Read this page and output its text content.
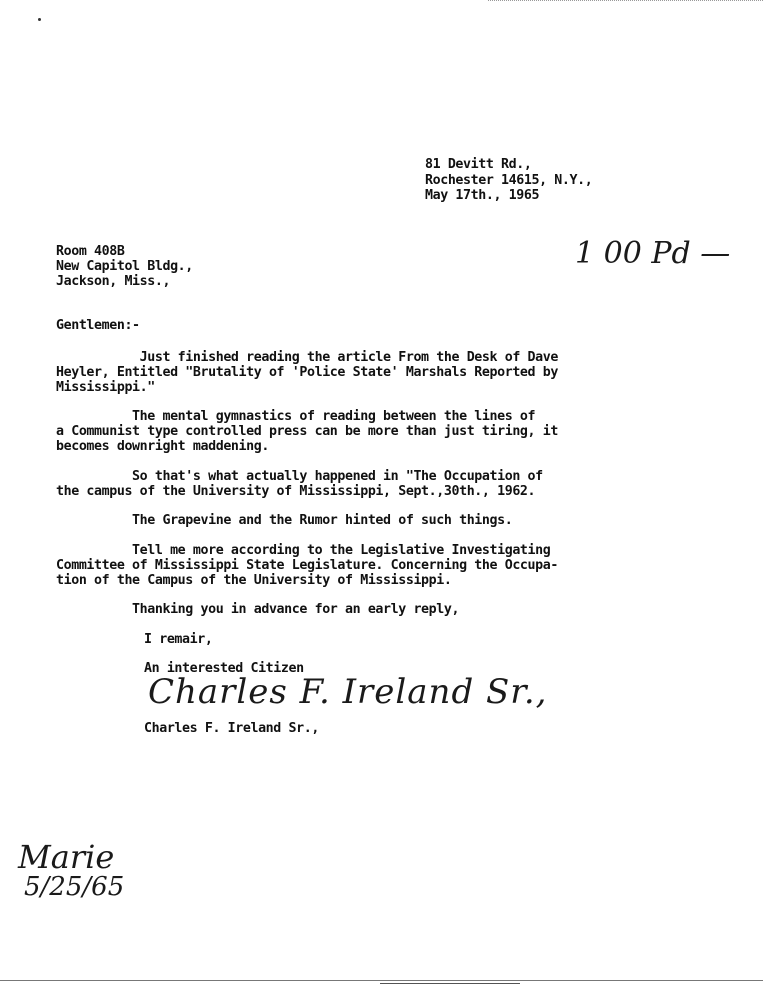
81 Devitt Rd.,
Rochester 14615, N.Y.,
May 17th., 1965
1 00 Pd —
Room 408B
New Capitol Bldg.,
Jackson, Miss.,
Gentlemen:-
Just finished reading the article From the Desk of Dave
Heyler, Entitled "Brutality of 'Police State' Marshals Reported by
Mississippi."
The mental gymnastics of reading between the lines of
a Communist type controlled press can be more than just tiring, it
becomes downright maddening.
So that's what actually happened in "The Occupation of
the campus of the University of Mississippi, Sept.,30th., 1962.
The Grapevine and the Rumor hinted of such things.
Tell me more according to the Legislative Investigating
Committee of Mississippi State Legislature. Concerning the Occupa-
tion of the Campus of the University of Mississippi.
Thanking you in advance for an early reply,
I remair,
An interested Citizen
Charles F. Ireland Sr.,
Charles F. Ireland Sr.,
Marie
5/25/65
